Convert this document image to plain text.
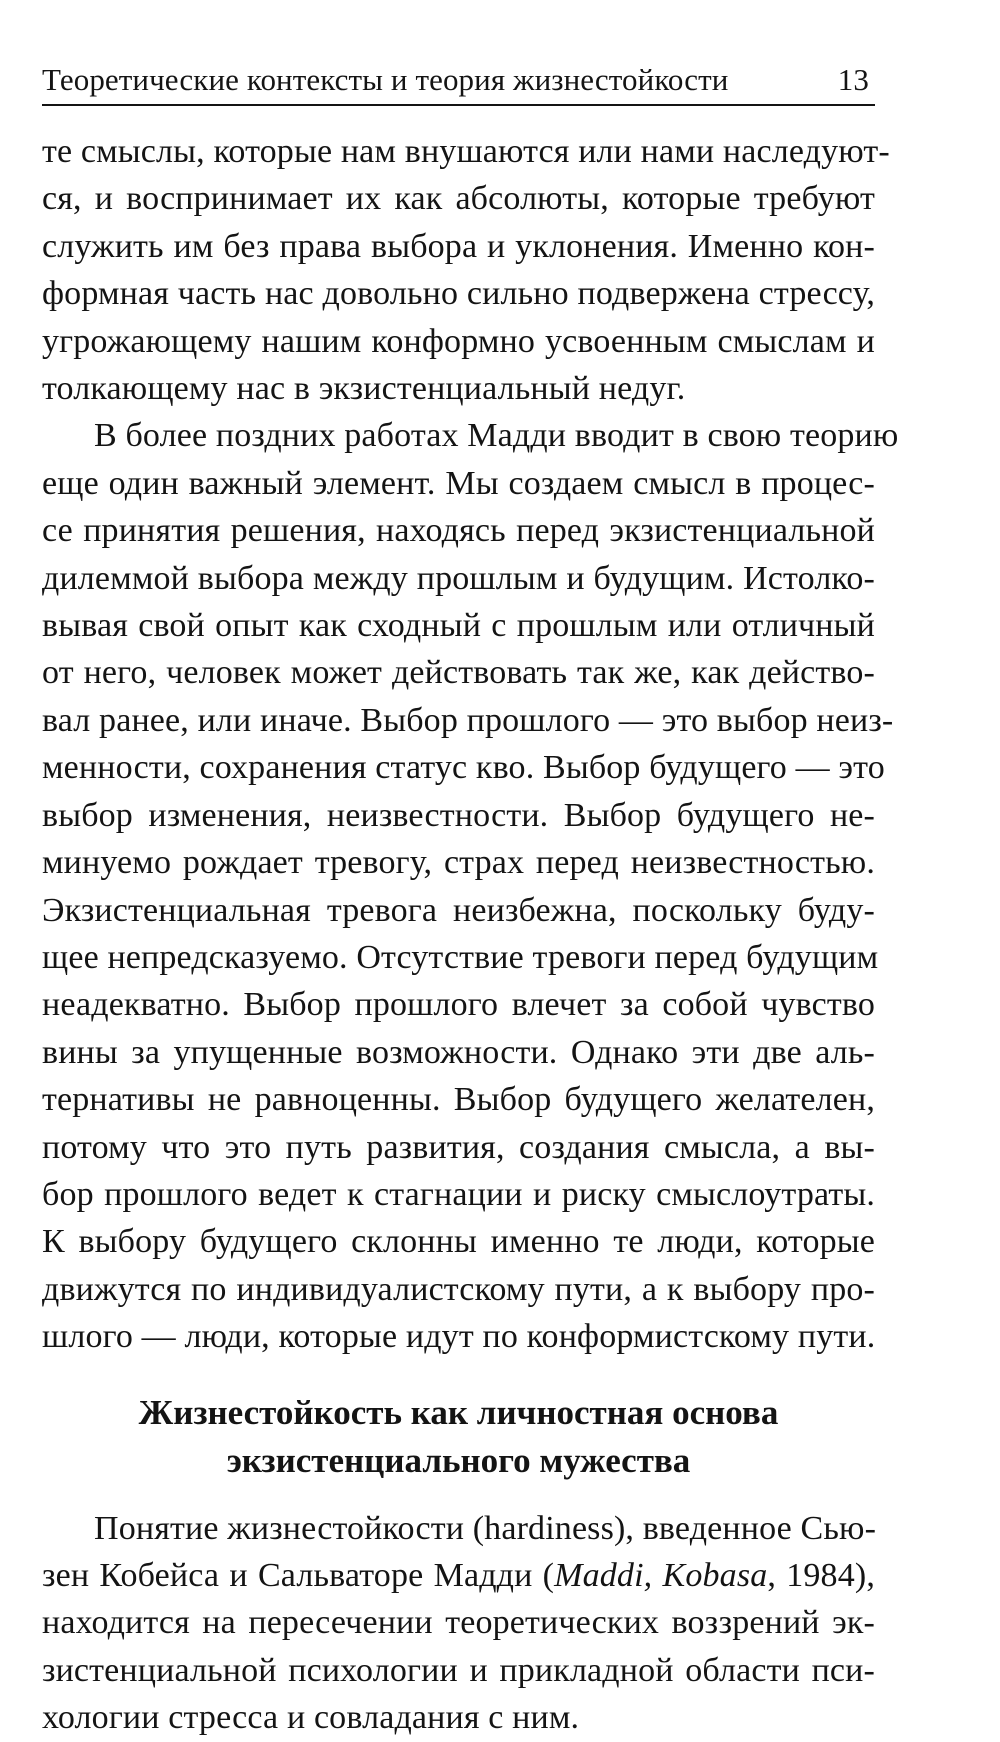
Теоретические контексты и теория жизнестойкости	13

те смыслы, которые нам внушаются или нами наследуют-
ся, и воспринимает их как абсолюты, которые требуют
служить им без права выбора и уклонения. Именно кон-
формная часть нас довольно сильно подвержена стрессу,
угрожающему нашим конформно усвоенным смыслам и
толкающему нас в экзистенциальный недуг.

В более поздних работах Мадди вводит в свою теорию
еще один важный элемент. Мы создаем смысл в процес-
се принятия решения, находясь перед экзистенциальной
дилеммой выбора между прошлым и будущим. Истолко-
вывая свой опыт как сходный с прошлым или отличный
от него, человек может действовать так же, как действо-
вал ранее, или иначе. Выбор прошлого — это выбор неиз-
менности, сохранения статус кво. Выбор будущего — это
выбор изменения, неизвестности. Выбор будущего не-
минуемо рождает тревогу, страх перед неизвестностью.
Экзистенциальная тревога неизбежна, поскольку буду-
щее непредсказуемо. Отсутствие тревоги перед будущим
неадекватно. Выбор прошлого влечет за собой чувство
вины за упущенные возможности. Однако эти две аль-
тернативы не равноценны. Выбор будущего желателен,
потому что это путь развития, создания смысла, а вы-
бор прошлого ведет к стагнации и риску смыслоутраты.
К выбору будущего склонны именно те люди, которые
движутся по индивидуалистскому пути, а к выбору про-
шлого — люди, которые идут по конформистскому пути.

Жизнестойкость как личностная основа
экзистенциального мужества

Понятие жизнестойкости (hardiness), введенное Сью-
зен Кобейса и Сальваторе Мадди (Maddi, Kobasa, 1984),
находится на пересечении теоретических воззрений эк-
зистенциальной психологии и прикладной области пси-
хологии стресса и совладания с ним.
